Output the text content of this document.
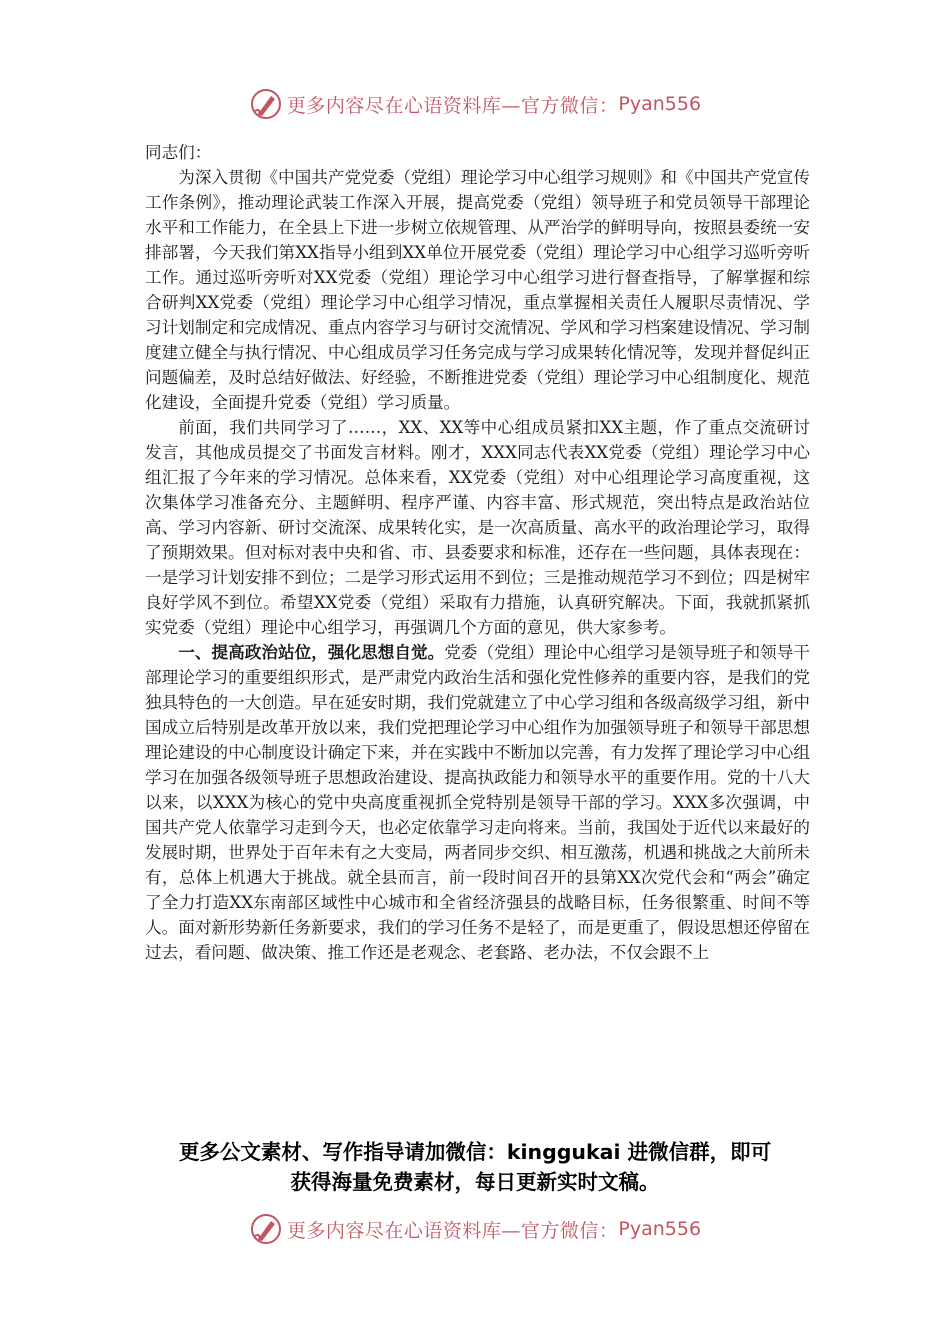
更多内容尽在心语资料库—官方微信： Pyan556

同志们：

为深入贯彻《中国共产党党委（党组）理论学习中心组学习规则》和《中国共产党宣传工作条例》，推动理论武装工作深入开展，提高党委（党组）领导班子和党员领导干部理论水平和工作能力，在全县上下进一步树立依规管理、从严治学的鲜明导向，按照县委统一安排部署，今天我们第XX指导小组到XX单位开展党委（党组）理论学习中心组学习巡听旁听工作。通过巡听旁听对XX党委（党组）理论学习中心组学习进行督查指导，了解掌握和综合研判XX党委（党组）理论学习中心组学习情况，重点掌握相关责任人履职尽责情况、学习计划制定和完成情况、重点内容学习与研讨交流情况、学风和学习档案建设情况、学习制度建立健全与执行情况、中心组成员学习任务完成与学习成果转化情况等，发现并督促纠正问题偏差，及时总结好做法、好经验，不断推进党委（党组）理论学习中心组制度化、规范化建设，全面提升党委（党组）学习质量。

前面，我们共同学习了……，XX、XX等中心组成员紧扣XX主题，作了重点交流研讨发言，其他成员提交了书面发言材料。刚才，XXX同志代表XX党委（党组）理论学习中心组汇报了今年来的学习情况。总体来看，XX党委（党组）对中心组理论学习高度重视，这次集体学习准备充分、主题鲜明、程序严谨、内容丰富、形式规范，突出特点是政治站位高、学习内容新、研讨交流深、成果转化实，是一次高质量、高水平的政治理论学习，取得了预期效果。但对标对表中央和省、市、县委要求和标准，还存在一些问题，具体表现在：一是学习计划安排不到位；二是学习形式运用不到位；三是推动规范学习不到位；四是树牢良好学风不到位。希望XX党委（党组）采取有力措施，认真研究解决。下面，我就抓紧抓实党委（党组）理论中心组学习，再强调几个方面的意见，供大家参考。

一、提高政治站位，强化思想自觉。党委（党组）理论中心组学习是领导班子和领导干部理论学习的重要组织形式，是严肃党内政治生活和强化党性修养的重要内容，是我们的党独具特色的一大创造。早在延安时期，我们党就建立了中心学习组和各级高级学习组，新中国成立后特别是改革开放以来，我们党把理论学习中心组作为加强领导班子和领导干部思想理论建设的中心制度设计确定下来，并在实践中不断加以完善，有力发挥了理论学习中心组学习在加强各级领导班子思想政治建设、提高执政能力和领导水平的重要作用。党的十八大以来，以XXX为核心的党中央高度重视抓全党特别是领导干部的学习。XXX多次强调，中国共产党人依靠学习走到今天，也必定依靠学习走向将来。当前，我国处于近代以来最好的发展时期，世界处于百年未有之大变局，两者同步交织、相互激荡，机遇和挑战之大前所未有，总体上机遇大于挑战。就全县而言，前一段时间召开的县第XX次党代会和“两会”确定了全力打造XX东南部区域性中心城市和全省经济强县的战略目标，任务很繁重、时间不等人。面对新形势新任务新要求，我们的学习任务不是轻了，而是更重了，假设思想还停留在过去，看问题、做决策、推工作还是老观念、老套路、老办法，不仅会跟不上

更多公文素材、写作指导请加微信：kinggukai 进微信群，即可
获得海量免费素材，每日更新实时文稿。
更多内容尽在心语资料库—官方微信： Pyan556
